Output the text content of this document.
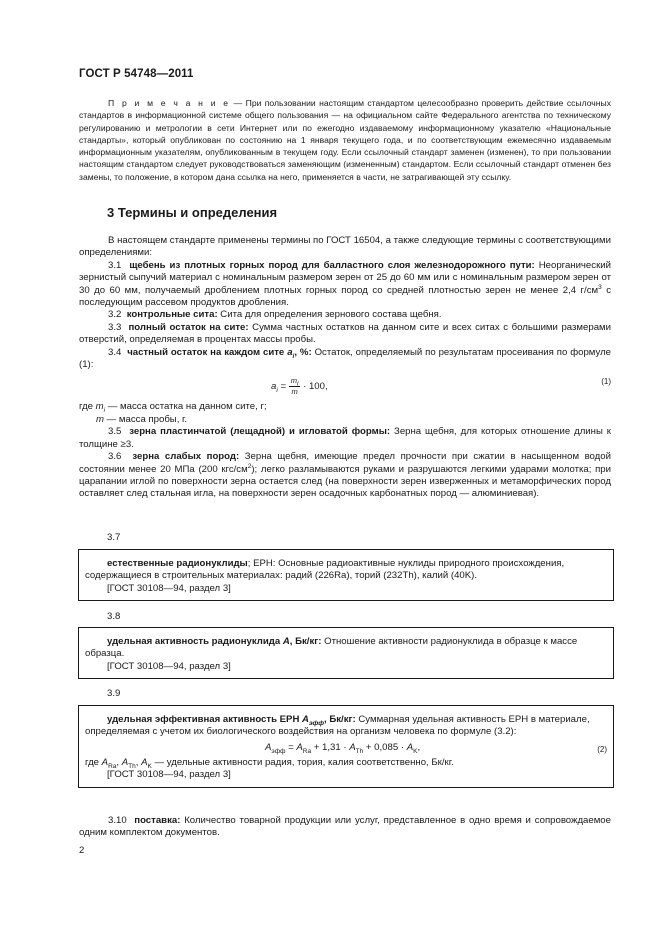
ГОСТ Р 54748—2011

П р и м е ч а н и е — При пользовании настоящим стандартом целесообразно проверить действие ссылочных стандартов в информационной системе общего пользования — на официальном сайте Федерального агентства по техническому регулированию и метрологии в сети Интернет или по ежегодно издаваемому информационному указателю «Национальные стандарты», который опубликован по состоянию на 1 января текущего года, и по соответствующим ежемесячно издаваемым информационным указателям, опубликованным в текущем году. Если ссылочный стандарт заменен (изменен), то при пользовании настоящим стандартом следует руководствоваться заменяющим (измененным) стандартом. Если ссылочный стандарт отменен без замены, то положение, в котором дана ссылка на него, применяется в части, не затрагивающей эту ссылку.

3 Термины и определения

В настоящем стандарте применены термины по ГОСТ 16504, а также следующие термины с соответствующими определениями:

3.1 щебень из плотных горных пород для балластного слоя железнодорожного пути: Неорганический зернистый сыпучий материал с номинальным размером зерен от 25 до 60 мм или с номинальным размером зерен от 30 до 60 мм, получаемый дроблением плотных горных пород со средней плотностью зерен не менее 2,4 $г/см^3$ с последующим рассевом продуктов дробления.

3.2 контрольные сита: Сита для определения зернового состава щебня.

3.3 полный остаток на сите: Сумма частных остатков на данном сите и всех ситах с большими размерами отверстий, определяемая в процентах массы пробы.

3.4 частный остаток на каждом сите $a_i$, %: Остаток, определяемый по результатам просеивания по формуле (1):

$a_i = \frac{m_i}{m} \cdot 100$,	(1)

где $m_i$ — масса остатка на данном сите, г;

m — масса пробы, г.

3.5 зерна пластинчатой (лещадной) и игловатой формы: Зерна щебня, для которых отношение длины к толщине ≥3.

3.6 зерна слабых пород: Зерна щебня, имеющие предел прочности при сжатии в насыщенном водой состоянии менее 20 МПа (200 кгс/$см^2$); легко разламываются руками и разрушаются легкими ударами молотка; при царапании иглой по поверхности зерна остается след (на поверхности зерен изверженных и метаморфических пород оставляет след стальная игла, на поверхности зерен осадочных карбонатных пород — алюминиевая).

3.7

естественные радионуклиды; ЕРН: Основные радиоактивные нуклиды природного происхождения, содержащиеся в строительных материалах: радий (226Ra), торий (232Th), калий (40K).

[ГОСТ 30108—94, раздел 3]

3.8

удельная активность радионуклида A, Бк/кг: Отношение активности радионуклида в образце к массе образца.

[ГОСТ 30108—94, раздел 3]

3.9

удельная эффективная активность ЕРН $A_{эфф}$, Бк/кг: Суммарная удельная активность ЕРН в материале, определяемая с учетом их биологического воздействия на организм человека по формуле (3.2):

$A_{эфф} = A_{Ra} + 1,31 \cdot A_{Th} + 0,085 \cdot A_K$,	(2)

где $A_{Ra}$, $A_{Th}$, $A_K$ — удельные активности радия, тория, калия соответственно, Бк/кг.

[ГОСТ 30108—94, раздел 3]

3.10 поставка: Количество товарной продукции или услуг, представленное в одно время и сопровождаемое одним комплектом документов.

2
